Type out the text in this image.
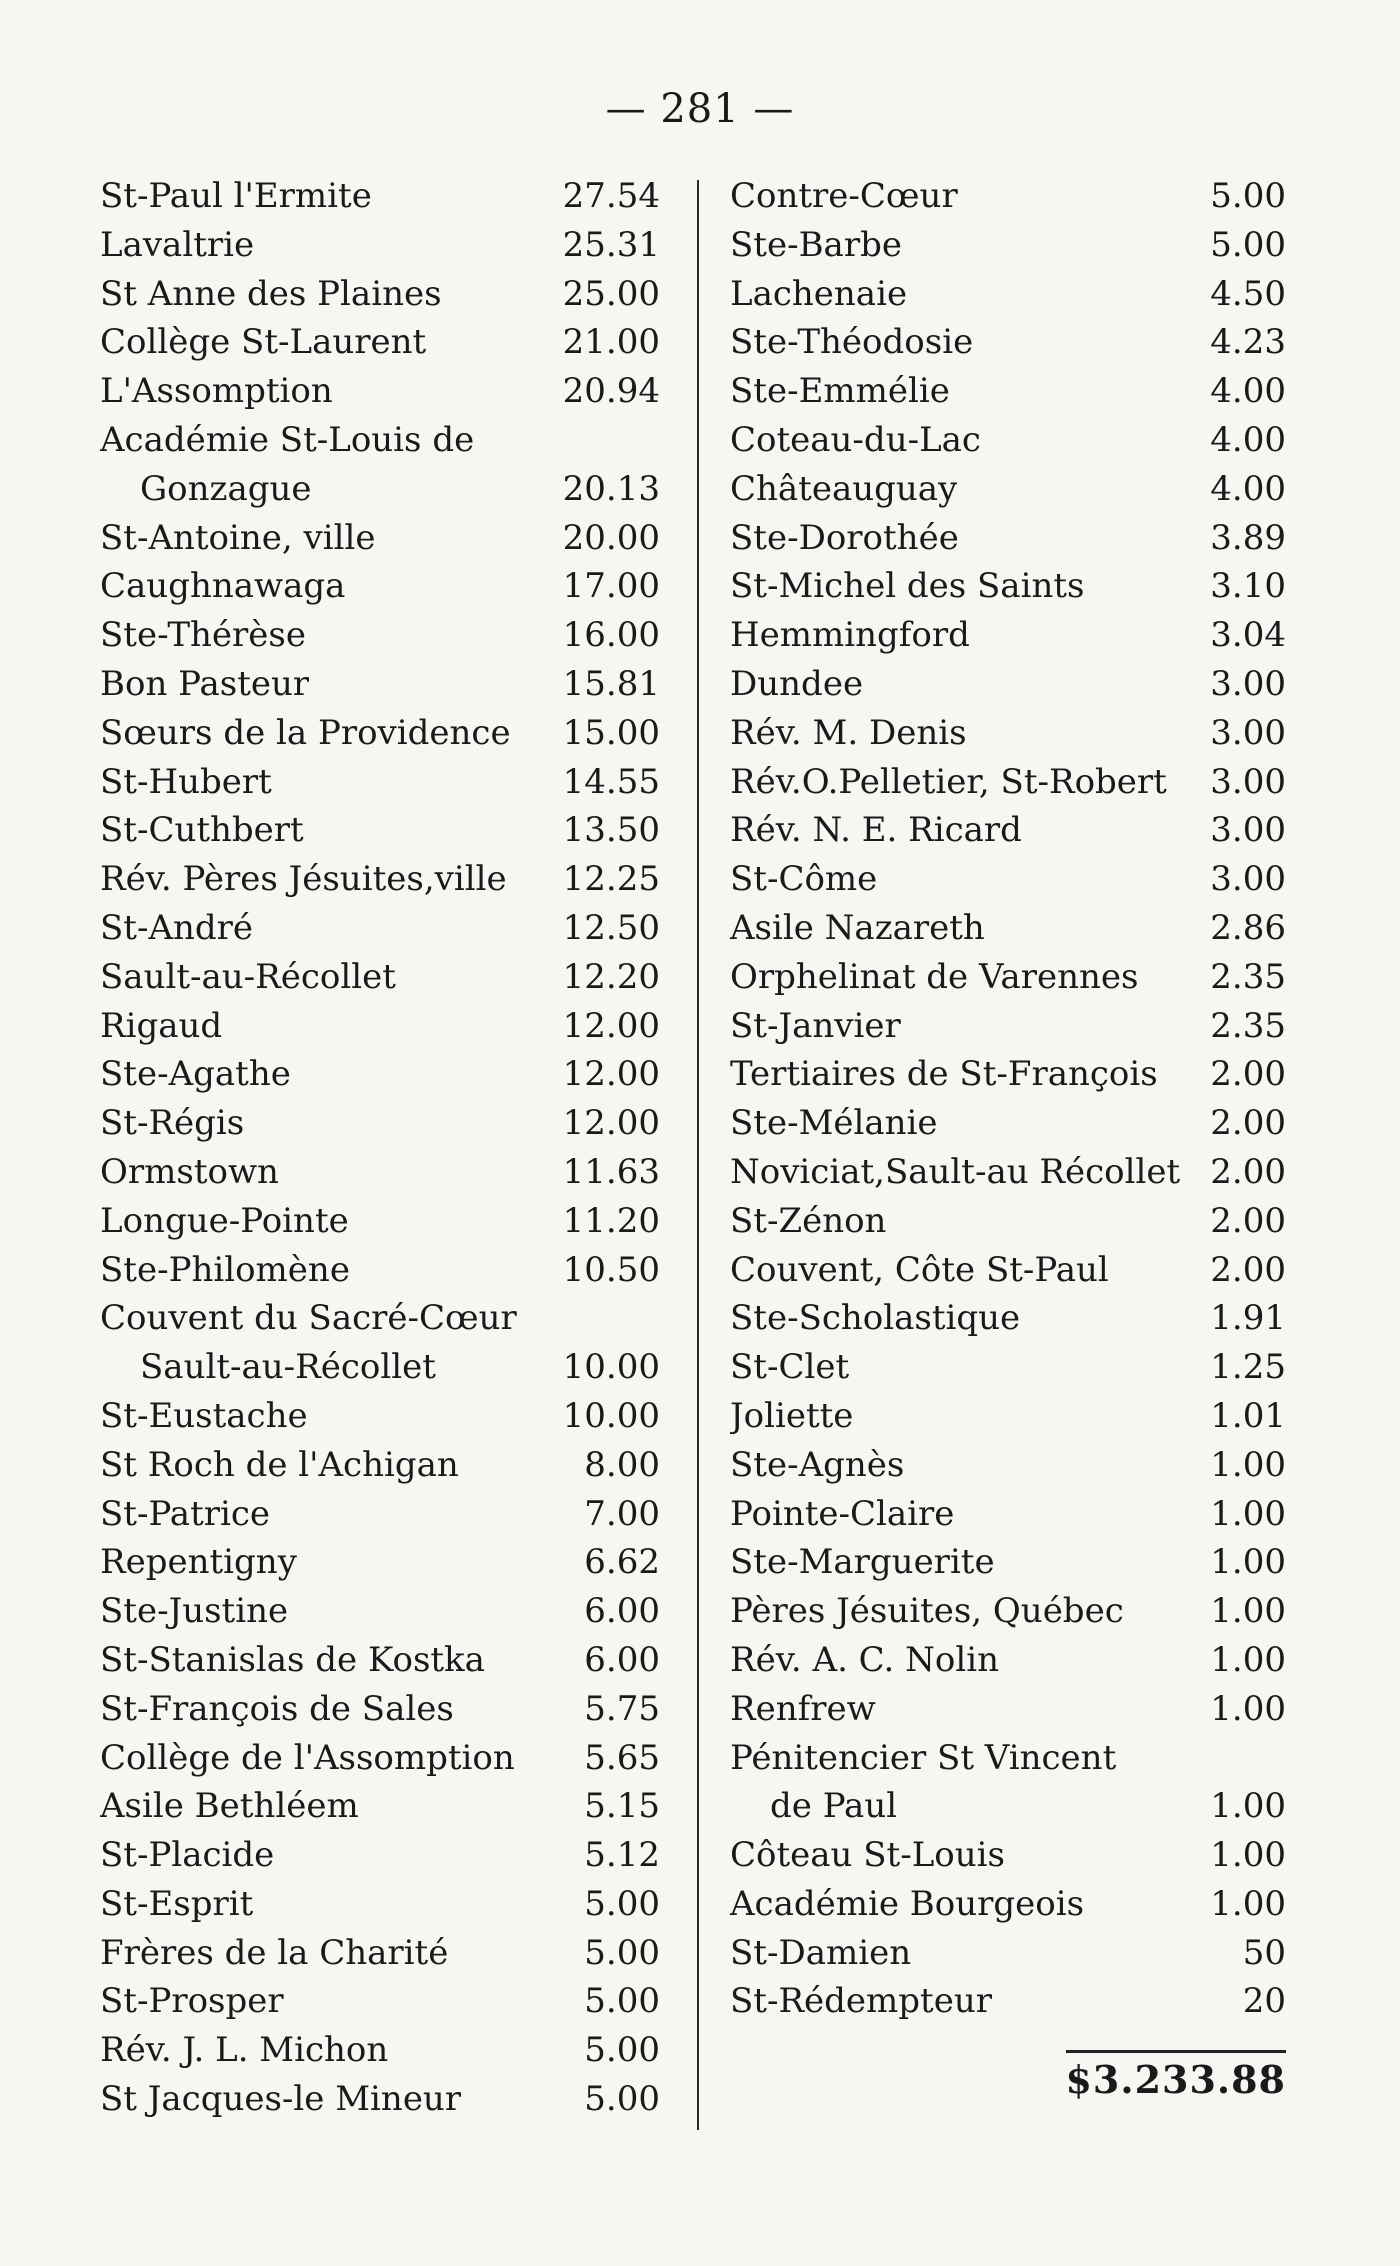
— 281 —
St-Paul l'Ermite	27.54
Lavaltrie	25.31
St Anne des Plaines	25.00
Collège St-Laurent	21.00
L'Assomption	20.94
Académie St-Louis de
Gonzague	20.13
St-Antoine, ville	20.00
Caughnawaga	17.00
Ste-Thérèse	16.00
Bon Pasteur	15.81
Sœurs de la Providence 15.00
St-Hubert	14.55
St-Cuthbert	13.50
Rév. Pères Jésuites,ville 12.25
St-André	12.50
Sault-au-Récollet	12.20
Rigaud	12.00
Ste-Agathe	12.00
St-Régis	12.00
Ormstown	11.63
Longue-Pointe	11.20
Ste-Philomène	10.50
Couvent du Sacré-Cœur
Sault-au-Récollet	10.00
St-Eustache	10.00
St Roch de l'Achigan	8.00
St-Patrice	7.00
Repentigny	6.62
Ste-Justine	6.00
St-Stanislas de Kostka	6.00
St-François de Sales	5.75
Collège de l'Assomption 5.65
Asile Bethléem	5.15
St-Placide	5.12
St-Esprit	5.00
Frères de la Charité	5.00
St-Prosper	5.00
Rév. J. L. Michon	5.00
St Jacques-le Mineur	5.00
Contre-Cœur	5.00
Ste-Barbe	5.00
Lachenaie	4.50
Ste-Théodosie	4.23
Ste-Emmélie	4.00
Coteau-du-Lac	4.00
Châteauguay	4.00
Ste-Dorothée	3.89
St-Michel des Saints	3.10
Hemmingford	3.04
Dundee	3.00
Rév. M. Denis	3.00
Rév.O.Pelletier, St-Robert 3.00
Rév. N. E. Ricard	3.00
St-Côme	3.00
Asile Nazareth	2.86
Orphelinat de Varennes 2.35
St-Janvier	2.35
Tertiaires de St-François 2.00
Ste-Mélanie	2.00
Noviciat,Sault-au Récollet 2.00
St-Zénon	2.00
Couvent, Côte St-Paul	2.00
Ste-Scholastique	1.91
St-Clet	1.25
Joliette	1.01
Ste-Agnès	1.00
Pointe-Claire	1.00
Ste-Marguerite	1.00
Pères Jésuites, Québec	1.00
Rév. A. C. Nolin	1.00
Renfrew	1.00
Pénitencier St Vincent
de Paul	1.00
Côteau St-Louis	1.00
Académie Bourgeois	1.00
St-Damien	50
St-Rédempteur	20
$3.233.88
